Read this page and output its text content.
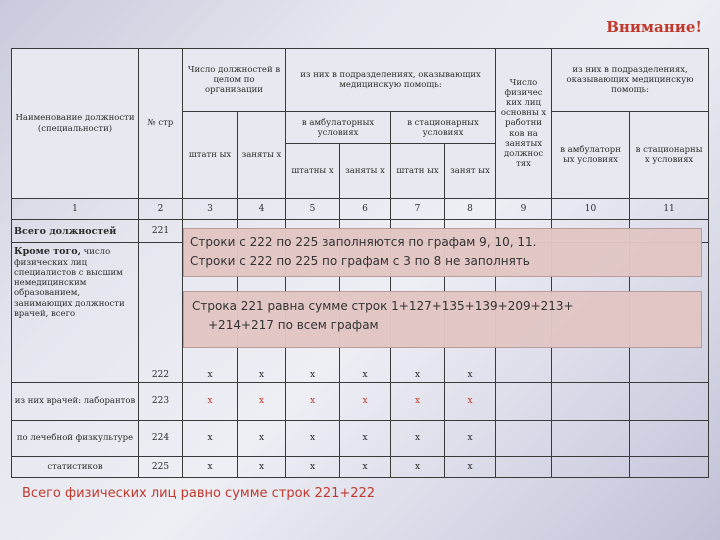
Внимание!
Наименование должности (специальности)	№ стр	Число должностей в целом по организации		из них в подразделениях, оказывающих медицинскую помощь:				Число физичес ких лиц основны х работни ков на занятых должнос тях	из них в подразделениях, оказывающих медицинскую помощь:	
		штатн ых	заняты х	в амбулаторных условиях		в стационарных условиях			в амбулаторн ых условиях	в стационарны х условиях
				штатны х	заняты х	штатн ых	занят ых			
1	2	3	4	5	6	7	8	9	10	11
Всего должностей	221									
Кроме того, число физических лиц специалистов с высшим немедицинским образованием, занимающих должности врачей, всего	222	x	x	x	x	x	x			
из них врачей: лаборантов	223	x	x	x	x	x	x			
по лечебной физкультуре	224	x	x	x	x	x	x			
статистиков	225	x	x	x	x	x	x			
Строки с 222 по 225 заполняются по графам 9, 10, 11.
Строки с 222 по 225 по графам с 3 по 8 не заполнять
Строка 221 равна сумме строк 1+127+135+139+209+213+
+214+217 по всем графам
Всего физических лиц равно сумме строк 221+222
